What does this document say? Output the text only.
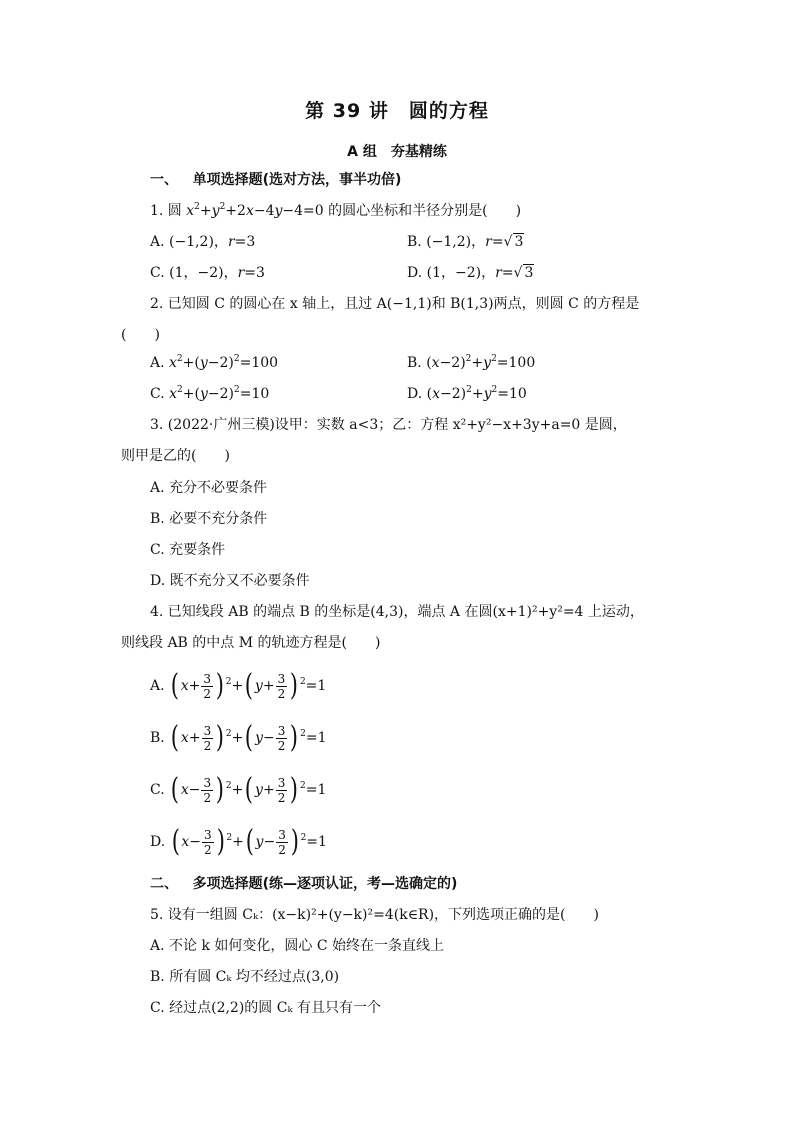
第 39 讲　圆的方程
A 组　夯基精练
一、 单项选择题(选对方法，事半功倍)
1. 圆 $x^2+y^2+2x-4y-4=0$ 的圆心坐标和半径分别是(　　)
A. (−1,2)，r=3	B. (−1,2)，r=√ 3
C. (1，−2)，r=3	D. (1，−2)，r=√ 3
2. 已知圆 C 的圆心在 x 轴上，且过 A(−1,1)和 B(1,3)两点，则圆 C 的方程是
(　　)
A. $x^2+(y-2)^2=100$	B. $(x-2)^2+y^2=100$
C. $x^2+(y-2)^2=10$	D. $(x-2)^2+y^2=10$
3. (2022·广州三模)设甲：实数 a<3；乙：方程 x²+y²−x+3y+a=0 是圆，
则甲是乙的(　　)
A. 充分不必要条件
B. 必要不充分条件
C. 充要条件
D. 既不充分又不必要条件
4. 已知线段 AB 的端点 B 的坐标是(4,3)，端点 A 在圆(x+1)²+y²=4 上运动，
则线段 AB 的中点 M 的轨迹方程是(　　)
A. ( $x+ \frac{3}{2}$ ) $^2$+( $y+ \frac{3}{2}$ ) $^2$=1
B. ( $x+ \frac{3}{2}$ ) $^2$+( $y- \frac{3}{2}$ ) $^2$=1
C. ( $x- \frac{3}{2}$ ) $^2$+( $y+ \frac{3}{2}$ ) $^2$=1
D. ( $x- \frac{3}{2}$ ) $^2$+( $y- \frac{3}{2}$ ) $^2$=1
二、 多项选择题(练—逐项认证，考—选确定的)
5. 设有一组圆 Cₖ：(x−k)²+(y−k)²=4(k∈R)，下列选项正确的是(　　)
A. 不论 k 如何变化，圆心 C 始终在一条直线上
B. 所有圆 Cₖ 均不经过点(3,0)
C. 经过点(2,2)的圆 Cₖ 有且只有一个
